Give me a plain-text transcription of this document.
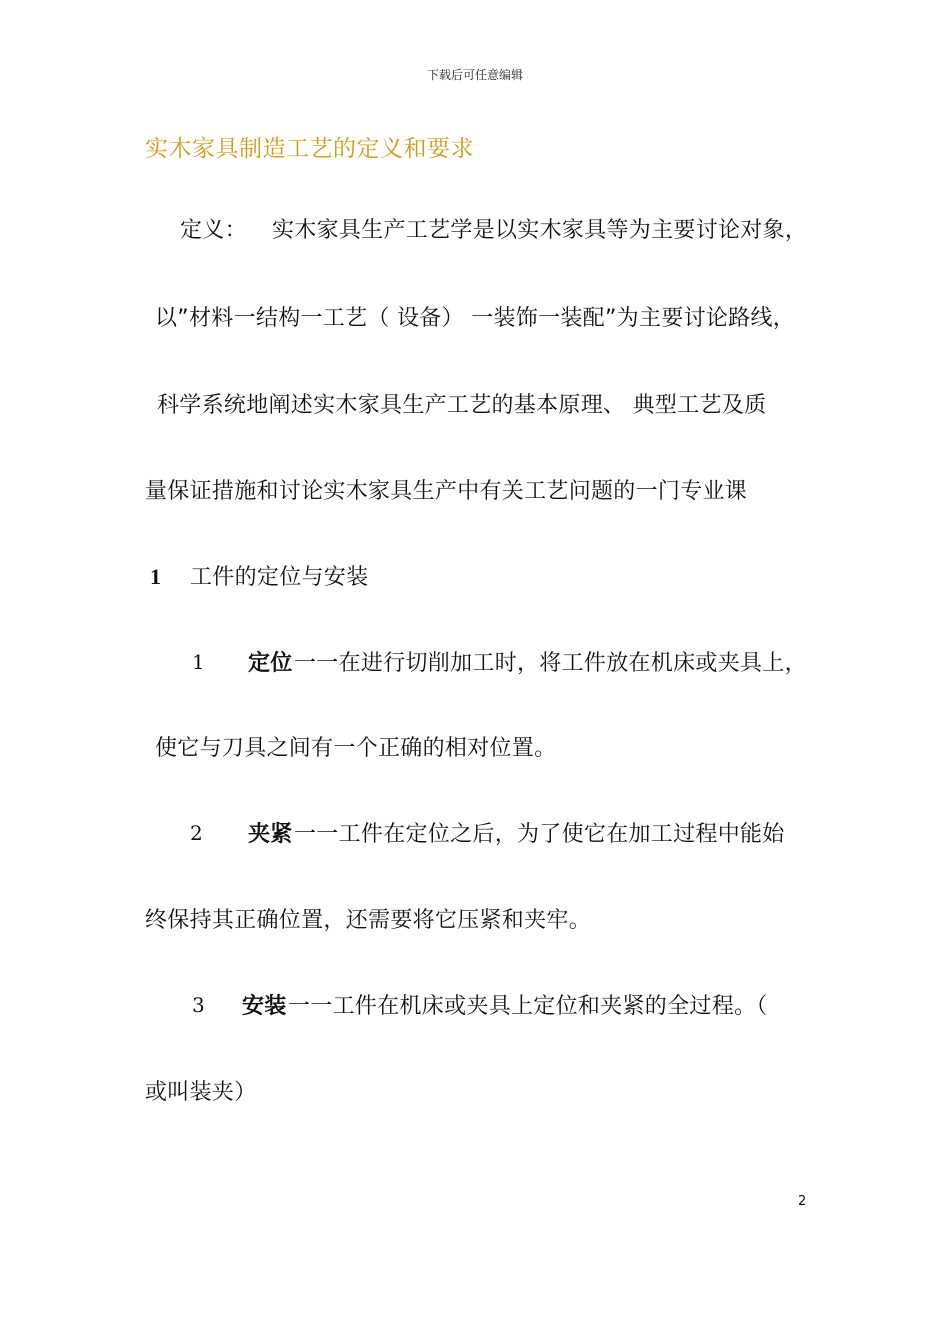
下载后可任意编辑
实木家具制造工艺的定义和要求
定义： 实木家具生产工艺学是以实木家具等为主要讨论对象，
以”材料一结构一工艺（ 设备） 一装饰一装配”为主要讨论路线，
科学系统地阐述实木家具生产工艺的基本原理、 典型工艺及质
量保证措施和讨论实木家具生产中有关工艺问题的一门专业课
1 工件的定位与安装
1 定位 一一在进行切削加工时，将工件放在机床或夹具上，
使它与刀具之间有一个正确的相对位置。
2 夹紧 一一工件在定位之后，为了使它在加工过程中能始
终保持其正确位置，还需要将它压紧和夹牢。
3 安装 一一工件在机床或夹具上定位和夹紧的全过程。（
或叫装夹）
2
